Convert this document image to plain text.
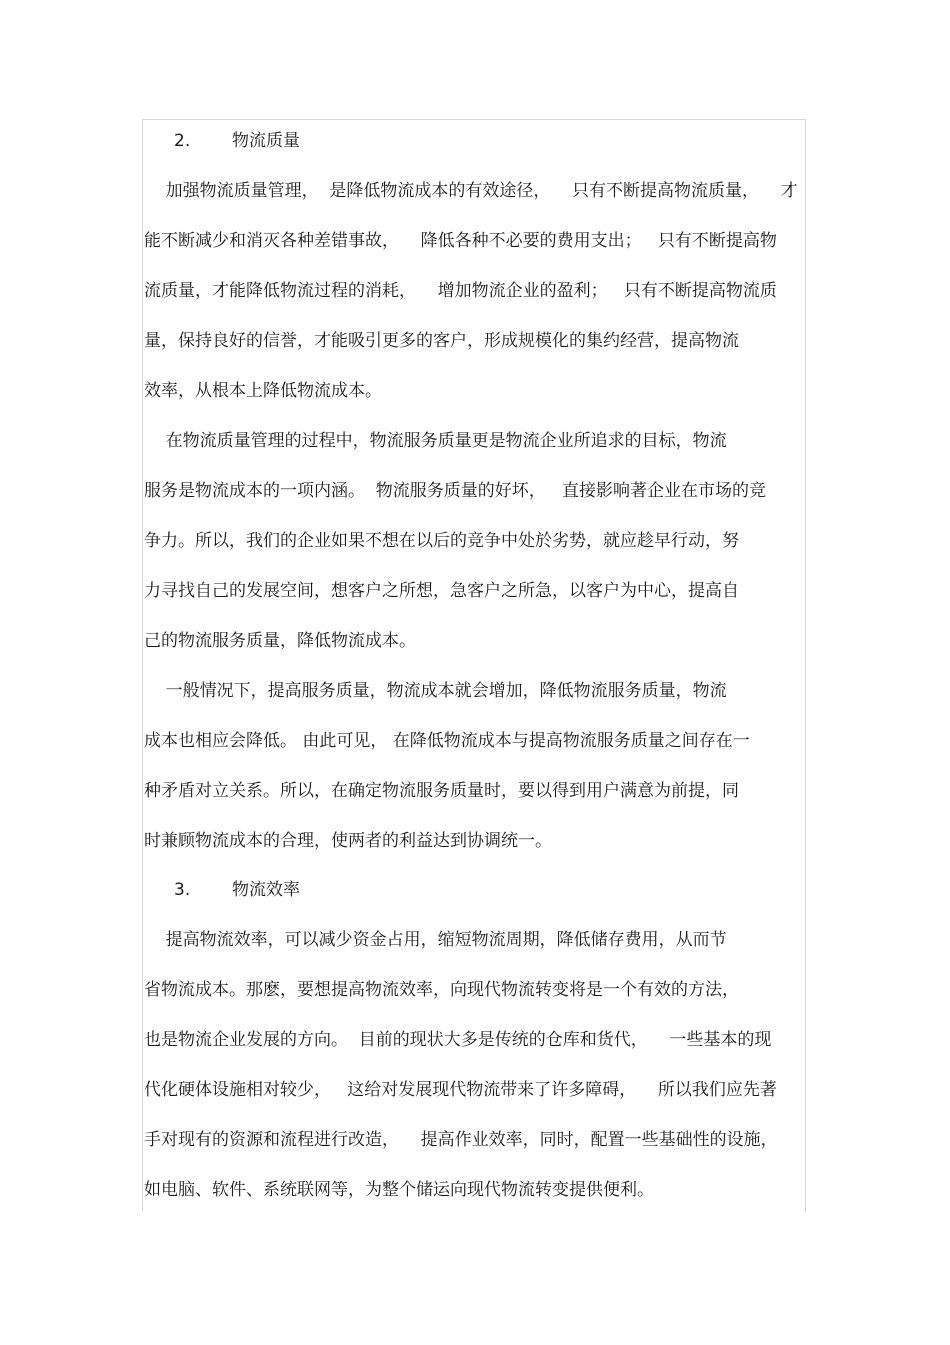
2. 物流质量
加强物流质量管理，  是降低物流成本的有效途径，    只有不断提高物流质量，    才
能不断减少和消灭各种差错事故，    降低各种不必要的费用支出；   只有不断提高物
流质量，才能降低物流过程的消耗，    增加物流企业的盈利；   只有不断提高物流质
量，保持良好的信誉，才能吸引更多的客户，形成规模化的集约经营，提高物流
效率，从根本上降低物流成本。
在物流质量管理的过程中，物流服务质量更是物流企业所追求的目标，物流
服务是物流成本的一项内涵。  物流服务质量的好坏，   直接影响著企业在市场的竞
争力。所以，我们的企业如果不想在以后的竞争中处於劣势，就应趁早行动，努
力寻找自己的发展空间，想客户之所想，急客户之所急，以客户为中心，提高自
己的物流服务质量，降低物流成本。
一般情况下，提高服务质量，物流成本就会增加，降低物流服务质量，物流
成本也相应会降低。 由此可见， 在降低物流成本与提高物流服务质量之间存在一
种矛盾对立关系。所以，在确定物流服务质量时，要以得到用户满意为前提，同
时兼顾物流成本的合理，使两者的利益达到协调统一。
3. 物流效率
提高物流效率，可以减少资金占用，缩短物流周期，降低储存费用，从而节
省物流成本。那麽，要想提高物流效率，向现代物流转变将是一个有效的方法，
也是物流企业发展的方向。  目前的现状大多是传统的仓库和货代，    一些基本的现
代化硬体设施相对较少，   这给对发展现代物流带来了许多障碍，    所以我们应先著
手对现有的资源和流程进行改造，    提高作业效率，同时，配置一些基础性的设施，
如电脑、软件、系统联网等，为整个储运向现代物流转变提供便利。
